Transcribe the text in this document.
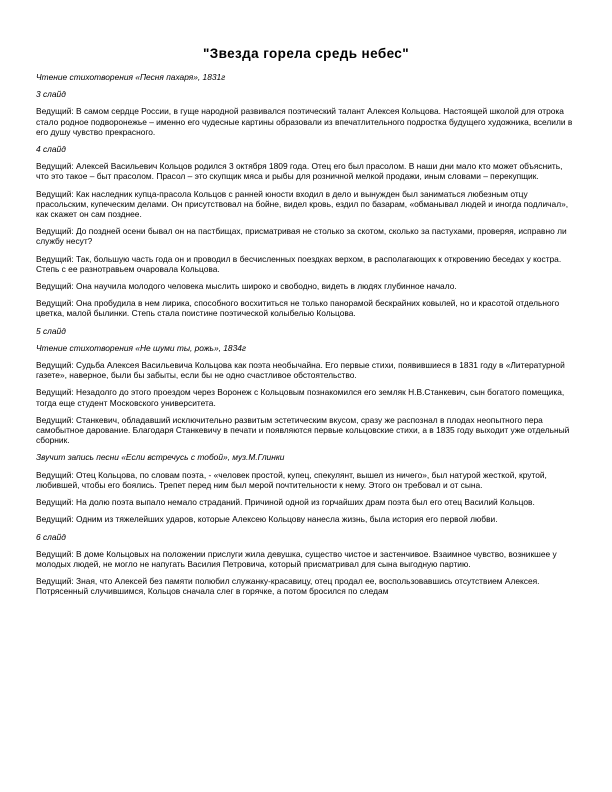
"Звезда горела средь небес"
Чтение стихотворения «Песня пахаря», 1831г
3 слайд
Ведущий: В самом сердце России, в гуще народной развивался поэтический талант Алексея Кольцова. Настоящей школой для отрока стало родное подворонежье – именно его чудесные картины образовали из впечатлительного подростка будущего художника, вселили в его душу чувство прекрасного.
4 слайд
Ведущий: Алексей Васильевич Кольцов родился 3 октября 1809 года. Отец его был прасолом. В наши дни мало кто может объяснить, что это такое – быт прасолом. Прасол – это скупщик мяса и рыбы для розничной мелкой продажи, иным словами – перекупщик.
Ведущий: Как наследник купца-прасола Кольцов с ранней юности входил в дело и вынужден был заниматься любезным отцу прасольским, купеческим делами. Он присутствовал на бойне, видел кровь, ездил по базарам, «обманывал людей и иногда подличал», как скажет он сам позднее.
Ведущий: До поздней осени бывал он на пастбищах, присматривая не столько за скотом, сколько за пастухами, проверяя, исправно ли службу несут?
Ведущий: Так, большую часть года он и проводил в бесчисленных поездках верхом, в располагающих к откровению беседах у костра. Степь с ее разнотравьем очаровала Кольцова.
Ведущий: Она научила молодого человека мыслить широко и свободно, видеть в людях глубинное начало.
Ведущий: Она пробудила в нем лирика, способного восхититься не только панорамой бескрайних ковылей, но и красотой отдельного цветка, малой былинки. Степь стала поистине поэтической колыбелью Кольцова.
5 слайд
Чтение стихотворения «Не шуми ты, рожь», 1834г
Ведущий: Судьба Алексея Васильевича Кольцова как поэта необычайна. Его первые стихи, появившиеся в 1831 году в «Литературной газете», наверное, были бы забыты, если бы не одно счастливое обстоятельство.
Ведущий: Незадолго до этого проездом через Воронеж с Кольцовым познакомился его земляк Н.В.Станкевич, сын богатого помещика, тогда еще студент Московского университета.
Ведущий: Станкевич, обладавший исключительно развитым эстетическим вкусом, сразу же распознал в плодах неопытного пера самобытное дарование. Благодаря Станкевичу в печати и появляются первые кольцовские стихи, а в 1835 году выходит уже отдельный сборник.
Звучит запись песни «Если встречусь с тобой», муз.М.Глинки
Ведущий: Отец Кольцова, по словам поэта, - «человек простой, купец, спекулянт, вышел из ничего», был натурой жесткой, крутой, любившей, чтобы его боялись. Трепет перед ним был мерой почтительности к нему. Этого он требовал и от сына.
Ведущий: На долю поэта выпало немало страданий. Причиной одной из горчайших драм поэта был его отец Василий Кольцов.
Ведущий: Одним из тяжелейших ударов, которые Алексею Кольцову нанесла жизнь, была история его первой любви.
6 слайд
Ведущий: В доме Кольцовых на положении прислуги жила девушка, существо чистое и застенчивое. Взаимное чувство, возникшее у молодых людей, не могло не напугать Василия Петровича, который присматривал для сына выгодную партию.
Ведущий: Зная, что Алексей без памяти полюбил служанку-красавицу, отец продал ее, воспользовавшись отсутствием Алексея. Потрясенный случившимся, Кольцов сначала слег в горячке, а потом бросился по следам
